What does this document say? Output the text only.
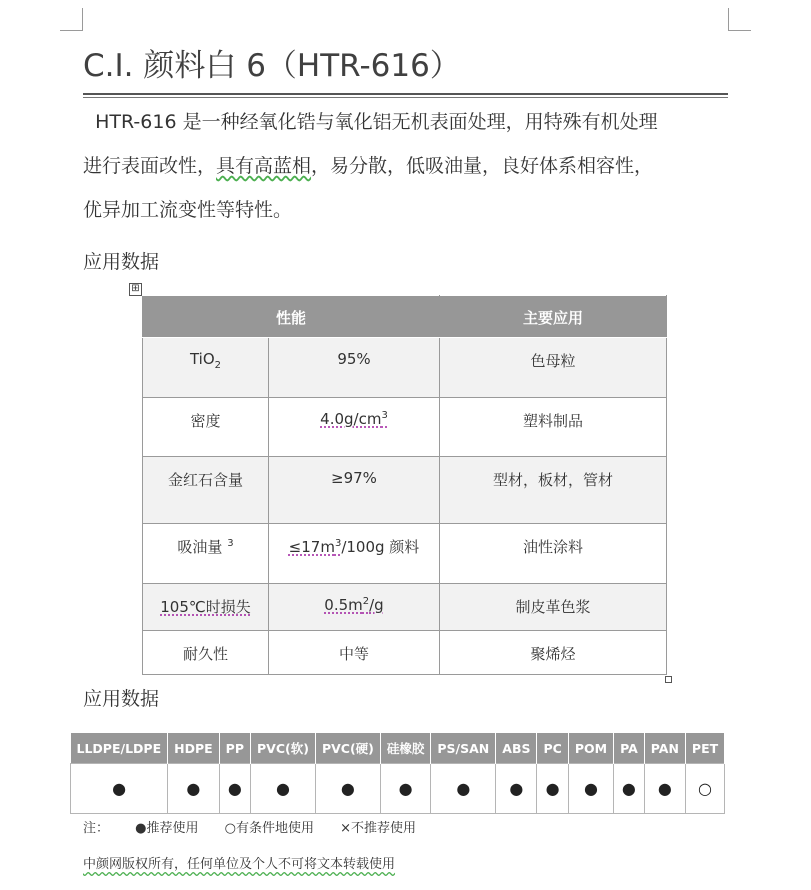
C.I. 颜料白 6（HTR-616）
HTR-616 是一种经氧化锆与氧化铝无机表面处理，用特殊有机处理
进行表面改性，具有高蓝相，易分散，低吸油量，良好体系相容性，
优异加工流变性等特性。
应用数据
⊞
性能		主要应用
TiO$_2$	95%	色母粒
密度	$4.0g/cm^3$	塑料制品
金红石含量	≥97%	型材，板材，管材
吸油量 $^3$	$\le 17m^3/100g$ 颜料	油性涂料
105℃时损失	$0.5m^2/g$	制皮革色浆
耐久性	中等	聚烯烃
应用数据
LLDPE/LDPE	HDPE	PP	PVC(软)	PVC(硬)	硅橡胶	PS/SAN	ABS	PC	POM	PA	PAN	PET
●	●	●	●	●	●	●	●	●	●	●	●	○
注： ●推荐使用 ○有条件地使用 ×不推荐使用
中颜网版权所有，任何单位及个人不可将文本转载使用
